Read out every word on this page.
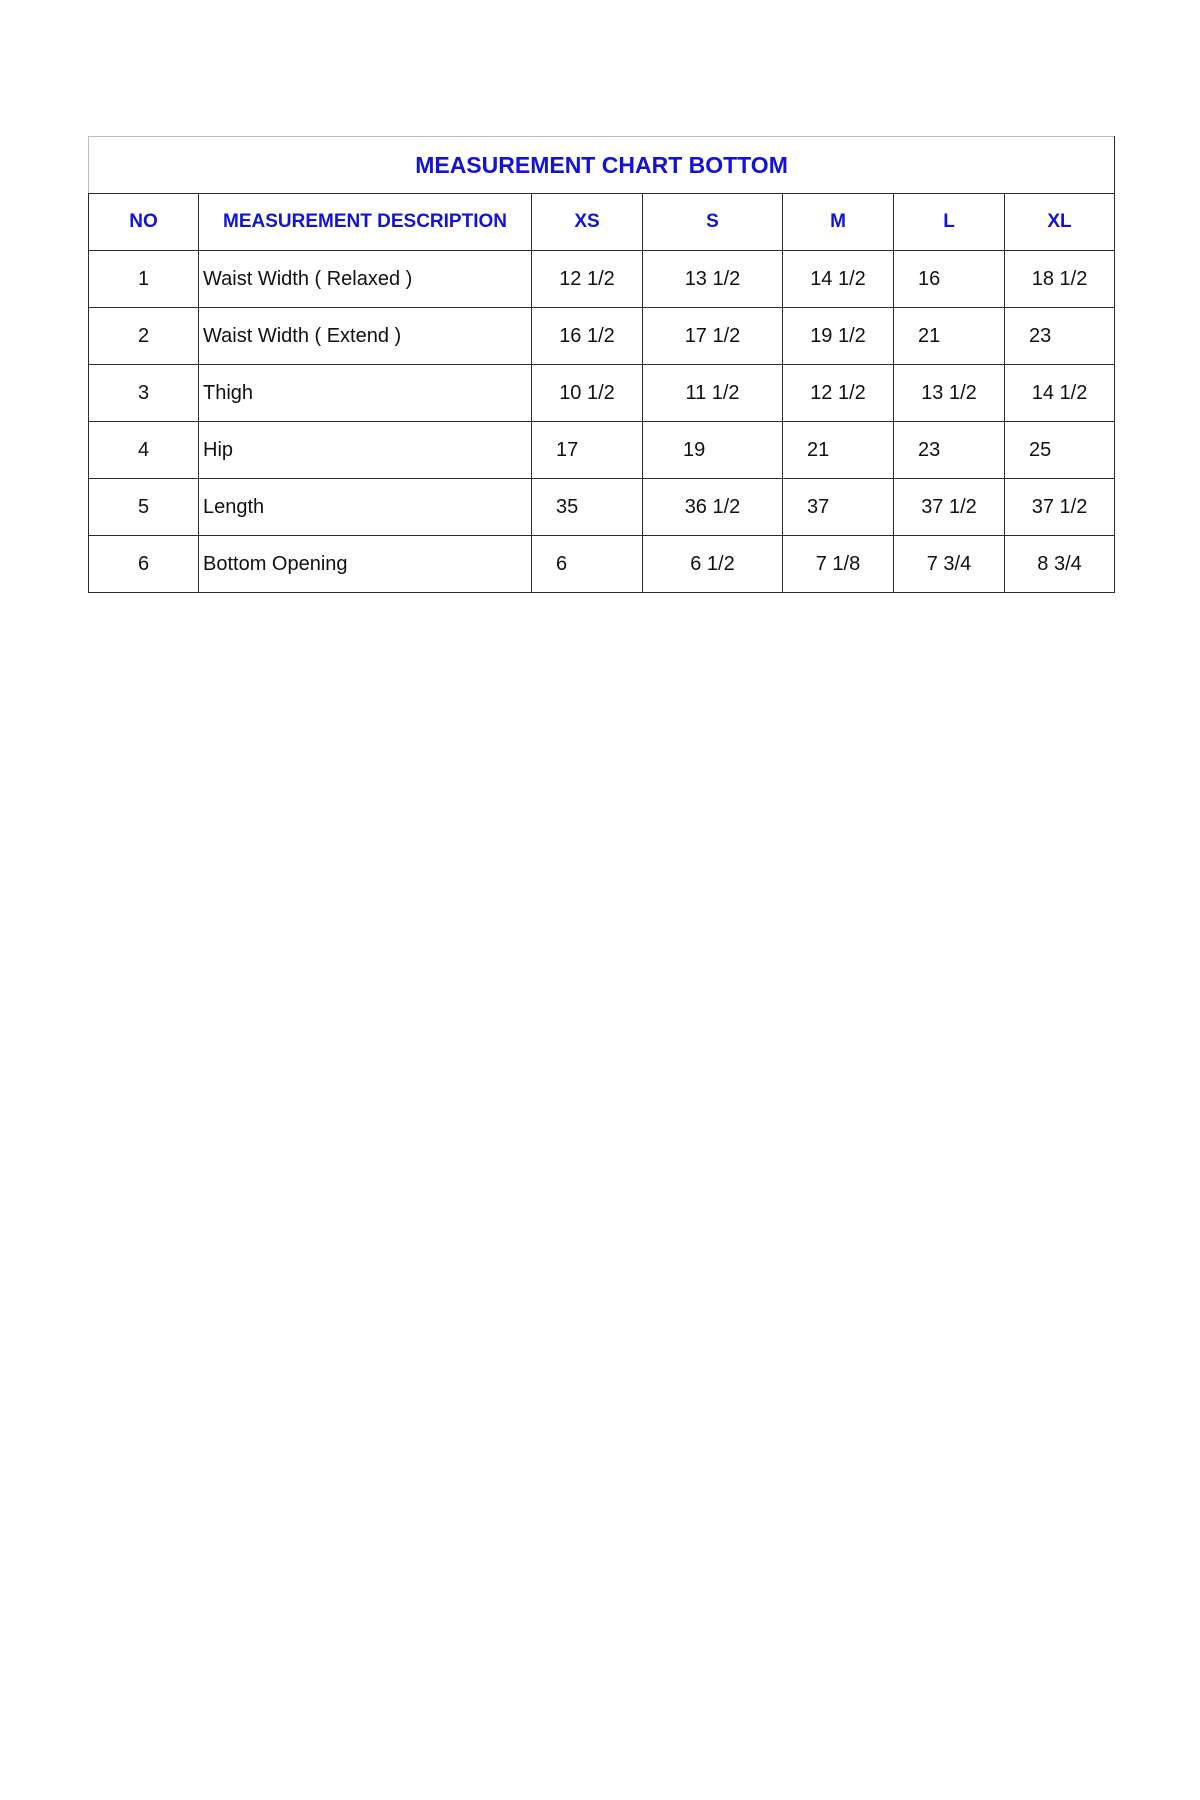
MEASUREMENT CHART BOTTOM						
NO	MEASUREMENT DESCRIPTION	XS	S	M	L	XL
1	Waist Width ( Relaxed )	12 1/2	13 1/2	14 1/2	16	18 1/2
2	Waist Width ( Extend )	16 1/2	17 1/2	19 1/2	21	23
3	Thigh	10 1/2	11 1/2	12 1/2	13 1/2	14 1/2
4	Hip	17	19	21	23	25
5	Length	35	36 1/2	37	37 1/2	37 1/2
6	Bottom Opening	6	6 1/2	7 1/8	7 3/4	8 3/4
